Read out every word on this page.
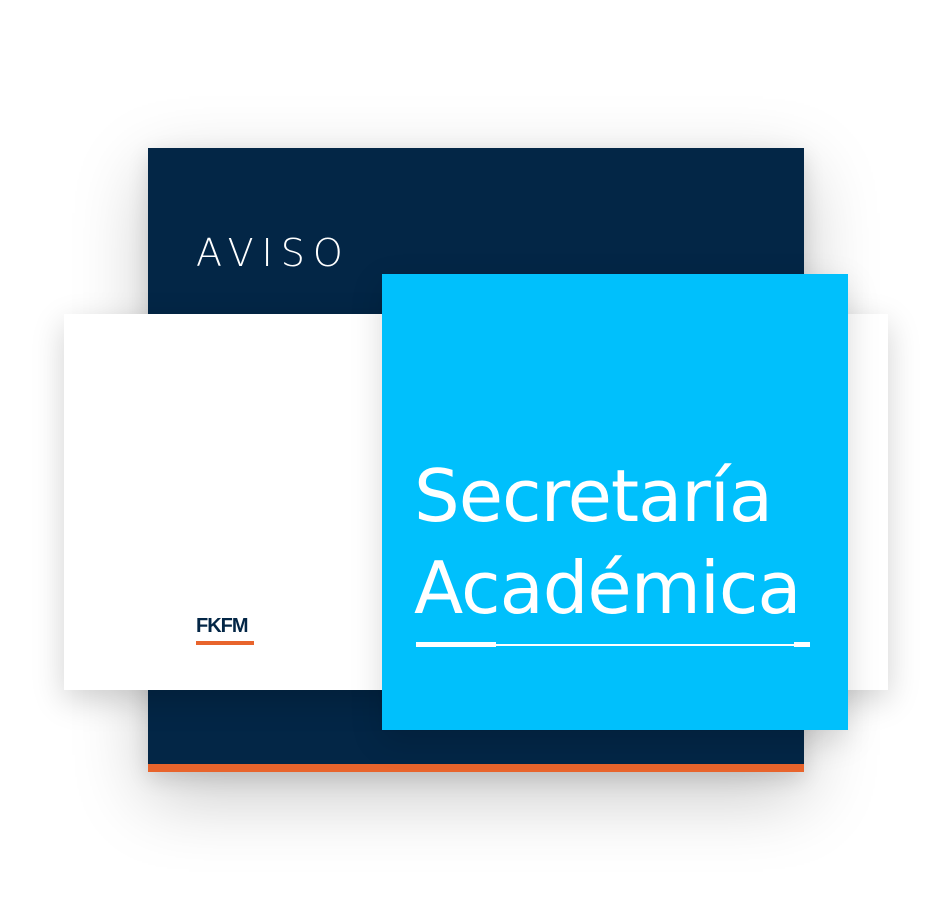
AVISO
FKFM
Secretaría
Académica
